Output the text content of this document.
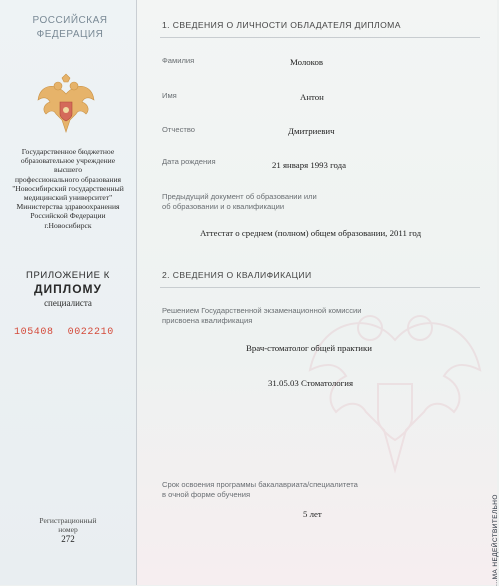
РОССИЙСКАЯ
ФЕДЕРАЦИЯ
Государственное бюджетное
образовательное учреждение высшего
профессионального образования
"Новосибирский государственный
медицинский университет"
Министерства здравоохранения
Российской Федерации
г.Новосибирск
ПРИЛОЖЕНИЕ К
ДИПЛОМУ
специалиста
105408 0022210
Регистрационный
номер
272
1. СВЕДЕНИЯ О ЛИЧНОСТИ ОБЛАДАТЕЛЯ ДИПЛОМА
Фамилия	Молоков
Имя	Антон
Отчество	Дмитриевич
Дата рождения	21 января 1993 года
Предыдущий документ об образовании или
об образовании и о квалификации
Аттестат о среднем (полном) общем образовании, 2011 год
2. СВЕДЕНИЯ О КВАЛИФИКАЦИИ
Решением Государственной экзаменационной комиссии
присвоена квалификация
Врач-стоматолог общей практики
31.05.03 Стоматология
Срок освоения программы бакалавриата/специалитета
в очной форме обучения
5 лет	...МА НЕДЕЙСТВИТЕЛЬНО
